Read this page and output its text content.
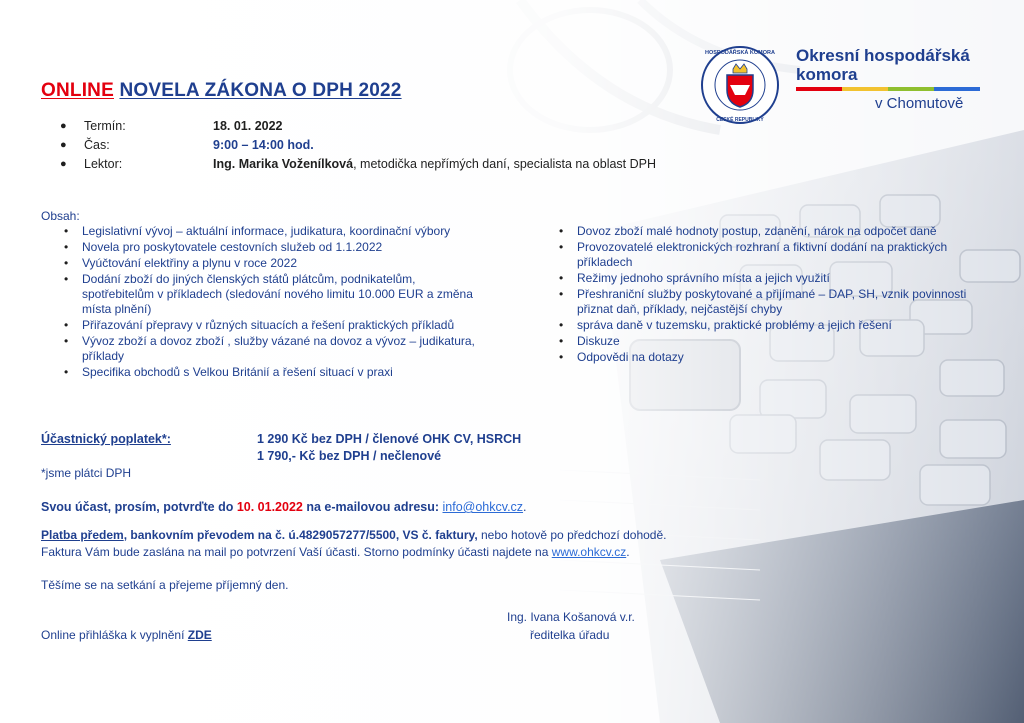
HOSPODÁŘSKÁ KOMORA
ČESKÉ REPUBLIKY
Okresní hospodářská
komora
v Chomutově
ONLINE NOVELA ZÁKONA O DPH 2022
● Termín:	18. 01. 2022
● Čas:	9:00 – 14:00 hod.
● Lektor:	Ing. Marika Voženílková, metodička nepřímých daní, specialista na oblast DPH
Obsah:
• Legislativní vývoj – aktuální informace, judikatura, koordinační výbory
• Novela pro poskytovatele cestovních služeb od 1.1.2022
• Vyúčtování elektřiny a plynu v roce 2022
• Dodání zboží do jiných členských států plátcům, podnikatelům, spotřebitelům v příkladech (sledování nového limitu 10.000 EUR a změna místa plnění)
• Přiřazování přepravy v různých situacích a řešení praktických příkladů
• Vývoz zboží a dovoz zboží , služby vázané na dovoz a vývoz – judikatura, příklady
• Specifika obchodů s Velkou Británií a řešení situací v praxi
• Dovoz zboží malé hodnoty postup, zdanění, nárok na odpočet daně
• Provozovatelé elektronických rozhraní a fiktivní dodání na praktických příkladech
• Režimy jednoho správního místa a jejich využití
• Přeshraniční služby poskytované a přijímané – DAP, SH, vznik povinnosti přiznat daň, příklady, nejčastější chyby
• správa daně v tuzemsku, praktické problémy a jejich řešení
• Diskuze
• Odpovědi na dotazy
Účastnický poplatek*:	1 290 Kč bez DPH / členové OHK CV, HSRCH
1 790,- Kč bez DPH / nečlenové
*jsme plátci DPH
Svou účast, prosím, potvrďte do 10. 01.2022 na e-mailovou adresu: info@ohkcv.cz.
Platba předem, bankovním převodem na č. ú.4829057277/5500, VS č. faktury, nebo hotově po předchozí dohodě.
Faktura Vám bude zaslána na mail po potvrzení Vaší účasti. Storno podmínky účasti najdete na www.ohkcv.cz.
Těšíme se na setkání a přejeme příjemný den.
Ing. Ivana Košanová v.r.
ředitelka úřadu
Online přihláška k vyplnění ZDE
